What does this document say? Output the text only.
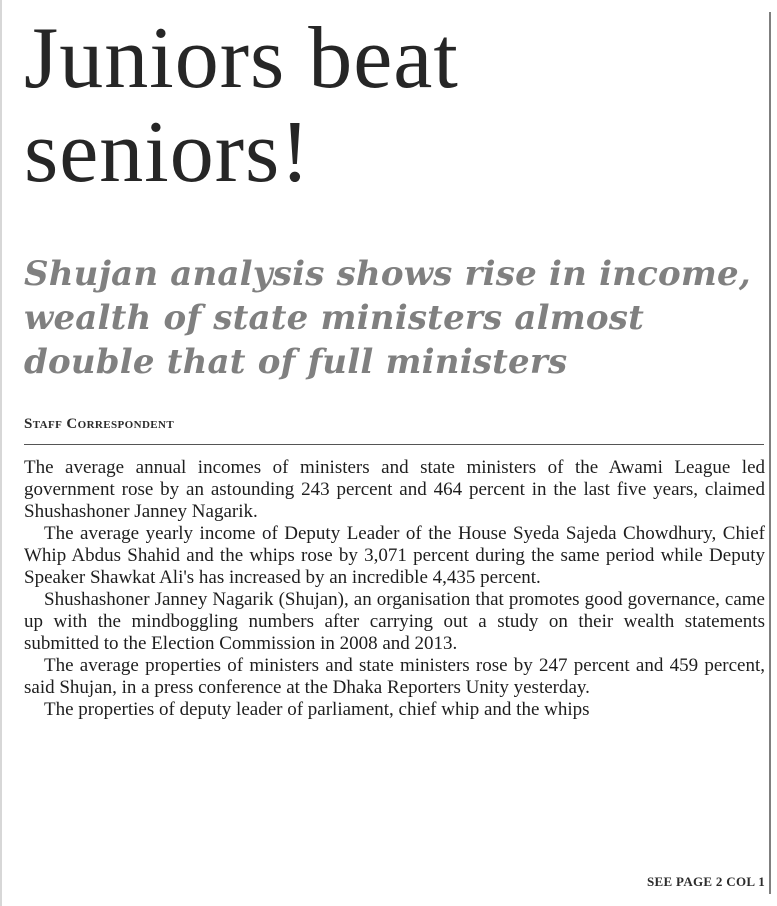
Juniors beat seniors!
Shujan analysis shows rise in income, wealth of state ministers almost double that of full ministers
Staff Correspondent

The average annual incomes of ministers and state ministers of the Awami League led government rose by an astounding 243 percent and 464 percent in the last five years, claimed Shushashoner Janney Nagarik.

The average yearly income of Deputy Leader of the House Syeda Sajeda Chowdhury, Chief Whip Abdus Shahid and the whips rose by 3,071 percent during the same period while Deputy Speaker Shawkat Ali's has increased by an incredible 4,435 percent.

Shushashoner Janney Nagarik (Shujan), an organisation that promotes good governance, came up with the mindboggling numbers after carrying out a study on their wealth statements submitted to the Election Commission in 2008 and 2013.

The average properties of ministers and state ministers rose by 247 percent and 459 percent, said Shujan, in a press conference at the Dhaka Reporters Unity yesterday.

The properties of deputy leader of parliament, chief whip and the whips

SEE PAGE 2 COL 1
